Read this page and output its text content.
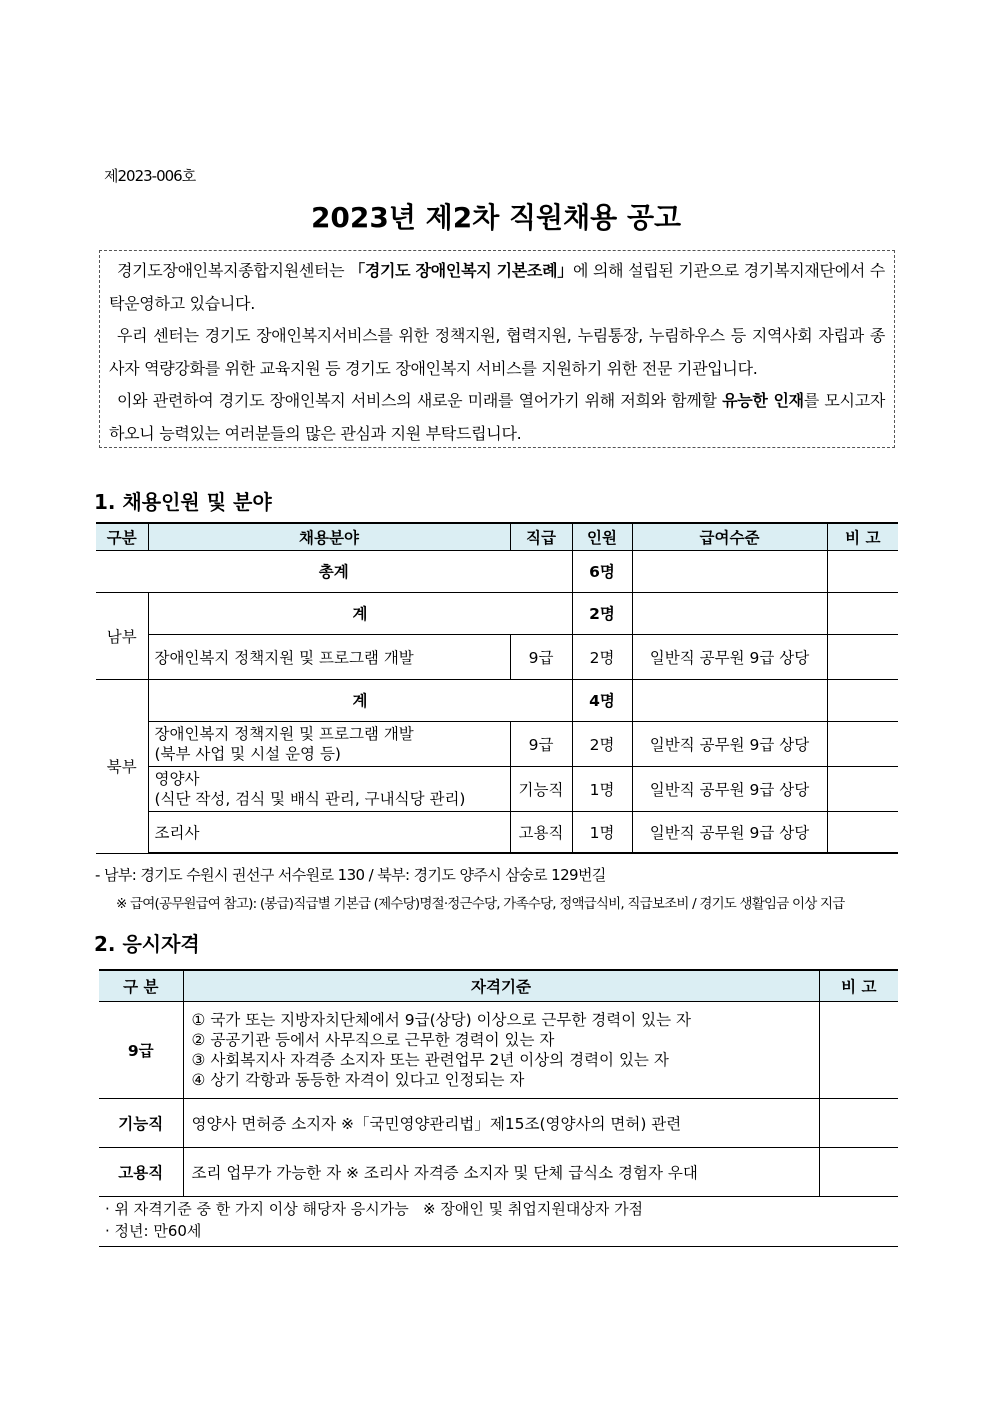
제2023-006호
2023년 제2차 직원채용 공고

경기도장애인복지종합지원센터는 「경기도 장애인복지 기본조례」에 의해 설립된 기관으로 경기복지재단에서 수탁운영하고 있습니다.

우리 센터는 경기도 장애인복지서비스를 위한 정책지원, 협력지원, 누림통장, 누림하우스 등 지역사회 자립과 종사자 역량강화를 위한 교육지원 등 경기도 장애인복지 서비스를 지원하기 위한 전문 기관입니다.

이와 관련하여 경기도 장애인복지 서비스의 새로운 미래를 열어가기 위해 저희와 함께할 유능한 인재를 모시고자 하오니 능력있는 여러분들의 많은 관심과 지원 부탁드립니다.

1. 채용인원 및 분야
구분	채용분야	직급	인원	급여수준	비 고
총계			6명		
남부	계		2명		
	장애인복지 정책지원 및 프로그램 개발	9급	2명	일반직 공무원 9급 상당	
북부	계		4명		

	장애인복지 정책지원 및 프로그램 개발
(북부 사업 및 시설 운영 등)	9급	2명	일반직 공무원 9급 상당	

	영양사
(식단 작성, 검식 및 배식 관리, 구내식당 관리)	기능직	1명	일반직 공무원 9급 상당	
	조리사	고용직	1명	일반직 공무원 9급 상당	
- 남부: 경기도 수원시 권선구 서수원로 130 / 북부: 경기도 양주시 삼숭로 129번길
※ 급여(공무원급여 참고): (봉급)직급별 기본급 (제수당)명절·정근수당, 가족수당, 정액급식비, 직급보조비 / 경기도 생활임금 이상 지급
2. 응시자격
구 분	자격기준	비 고
9급	① 국가 또는 지방자치단체에서 9급(상당) 이상으로 근무한 경력이 있는 자
② 공공기관 등에서 사무직으로 근무한 경력이 있는 자
③ 사회복지사 자격증 소지자 또는 관련업무 2년 이상의 경력이 있는 자
④ 상기 각항과 동등한 자격이 있다고 인정되는 자	

기능직	영양사 면허증 소지자 ※「국민영양관리법」제15조(영양사의 면허) 관련	
고용직	조리 업무가 가능한 자 ※ 조리사 자격증 소지자 및 단체 급식소 경험자 우대	
· 위 자격기준 중 한 가지 이상 해당자 응시가능   ※ 장애인 및 취업지원대상자 가점
· 정년: 만60세
